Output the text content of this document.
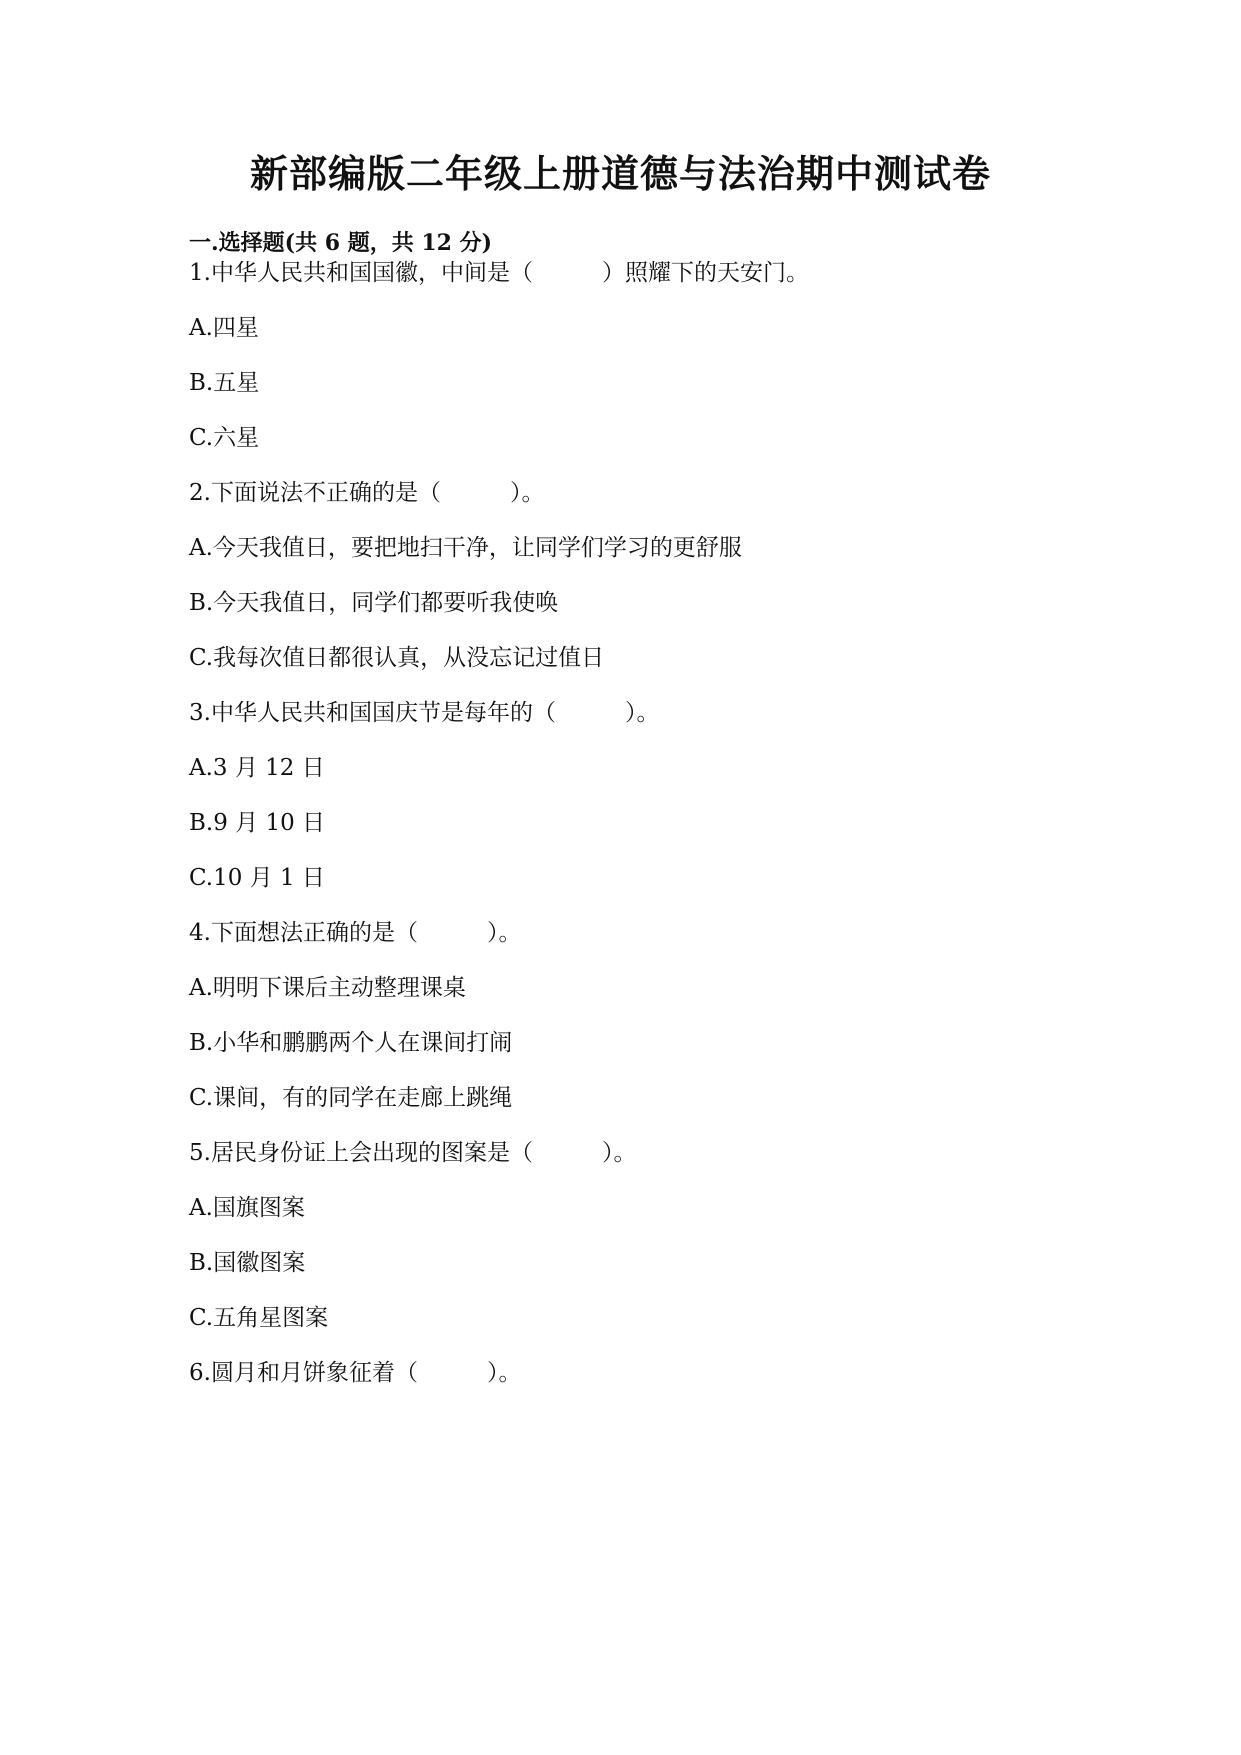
新部编版二年级上册道德与法治期中测试卷
一.选择题(共 6 题，共 12 分)
1.中华人民共和国国徽，中间是（　　　）照耀下的天安门。
A.四星
B.五星
C.六星
2.下面说法不正确的是（　　　）。
A.今天我值日，要把地扫干净，让同学们学习的更舒服
B.今天我值日，同学们都要听我使唤
C.我每次值日都很认真，从没忘记过值日
3.中华人民共和国国庆节是每年的（　　　）。
A.3 月 12 日
B.9 月 10 日
C.10 月 1 日
4.下面想法正确的是（　　　）。
A.明明下课后主动整理课桌
B.小华和鹏鹏两个人在课间打闹
C.课间，有的同学在走廊上跳绳
5.居民身份证上会出现的图案是（　　　）。
A.国旗图案
B.国徽图案
C.五角星图案
6.圆月和月饼象征着（　　　）。
